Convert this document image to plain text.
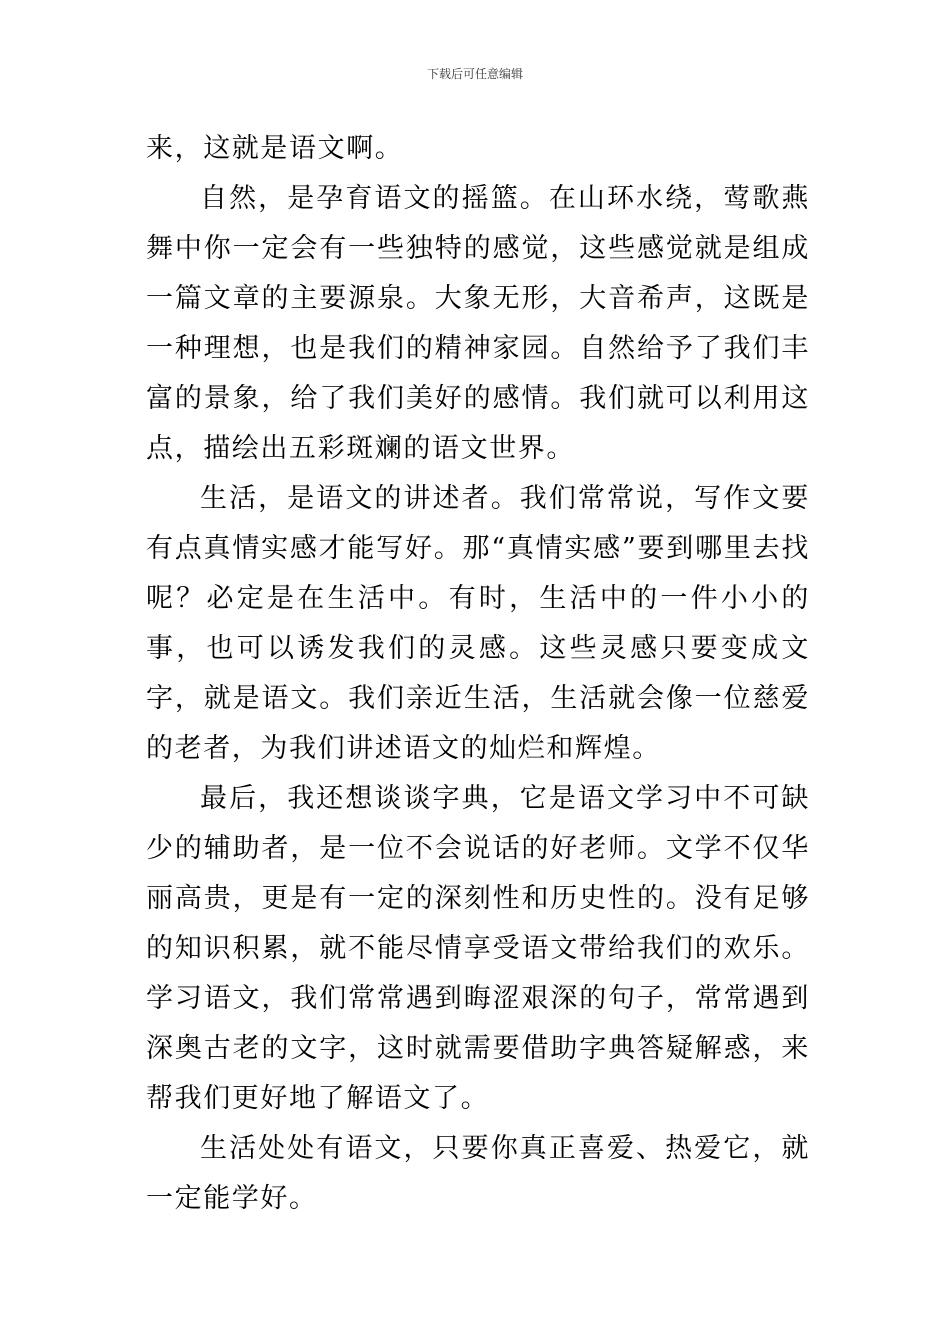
下载后可任意编辑

来，这就是语文啊。

自然，是孕育语文的摇篮。在山环水绕，莺歌燕舞中你一定会有一些独特的感觉，这些感觉就是组成一篇文章的主要源泉。大象无形，大音希声，这既是一种理想，也是我们的精神家园。自然给予了我们丰富的景象，给了我们美好的感情。我们就可以利用这点，描绘出五彩斑斓的语文世界。

生活，是语文的讲述者。我们常常说，写作文要有点真情实感才能写好。那“真情实感”要到哪里去找呢？必定是在生活中。有时，生活中的一件小小的事，也可以诱发我们的灵感。这些灵感只要变成文字，就是语文。我们亲近生活，生活就会像一位慈爱的老者，为我们讲述语文的灿烂和辉煌。

最后，我还想谈谈字典，它是语文学习中不可缺少的辅助者，是一位不会说话的好老师。文学不仅华丽高贵，更是有一定的深刻性和历史性的。没有足够的知识积累，就不能尽情享受语文带给我们的欢乐。学习语文，我们常常遇到晦涩艰深的句子，常常遇到深奥古老的文字，这时就需要借助字典答疑解惑，来帮我们更好地了解语文了。

生活处处有语文，只要你真正喜爱、热爱它，就一定能学好。
